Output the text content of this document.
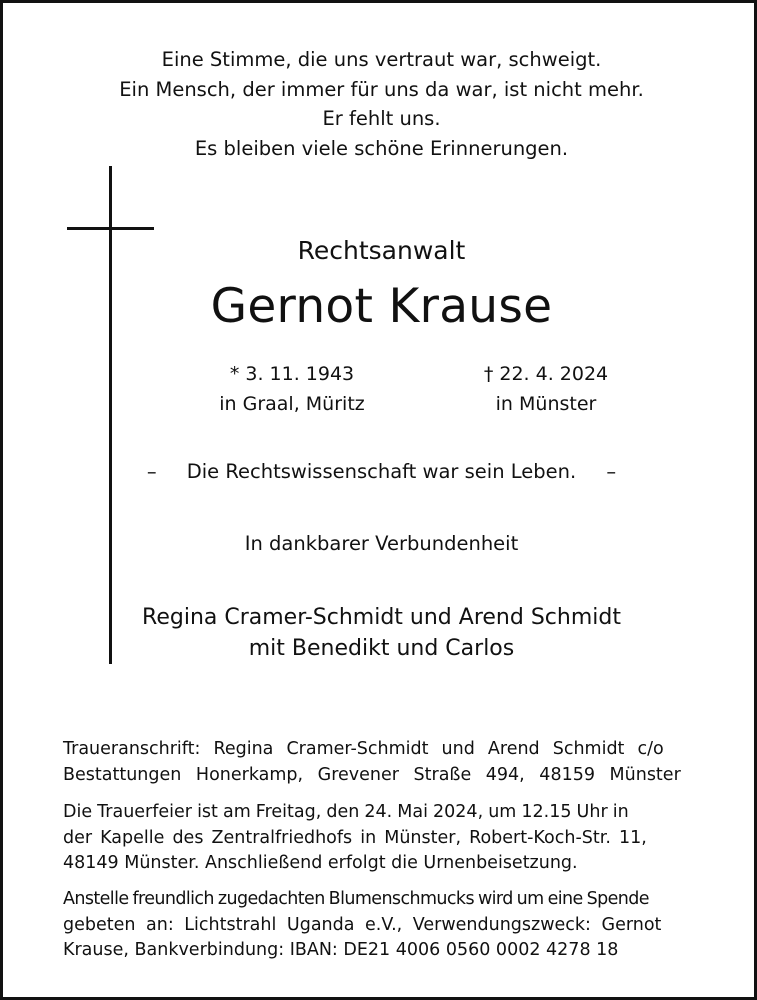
Eine Stimme, die uns vertraut war, schweigt.
Ein Mensch, der immer für uns da war, ist nicht mehr.
Er fehlt uns.
Es bleiben viele schöne Erinnerungen.
Rechtsanwalt
Gernot Krause
* 3. 11. 1943
in Graal, Müritz
† 22. 4. 2024
in Münster
– Die Rechtswissenschaft war sein Leben. –
In dankbarer Verbundenheit
Regina Cramer-Schmidt und Arend Schmidt
mit Benedikt und Carlos
Traueranschrift: Regina Cramer-Schmidt und Arend Schmidt c/o
Bestattungen Honerkamp, Grevener Straße 494, 48159 Münster
Die Trauerfeier ist am Freitag, den 24. Mai 2024, um 12.15 Uhr in
der Kapelle des Zentralfriedhofs in Münster, Robert-Koch-Str. 11,
48149 Münster. Anschließend erfolgt die Urnenbeisetzung.
Anstelle freundlich zugedachten Blumenschmucks wird um eine Spende
gebeten an: Lichtstrahl Uganda e.V., Verwendungszweck: Gernot
Krause, Bankverbindung: IBAN: DE21 4006 0560 0002 4278 18
